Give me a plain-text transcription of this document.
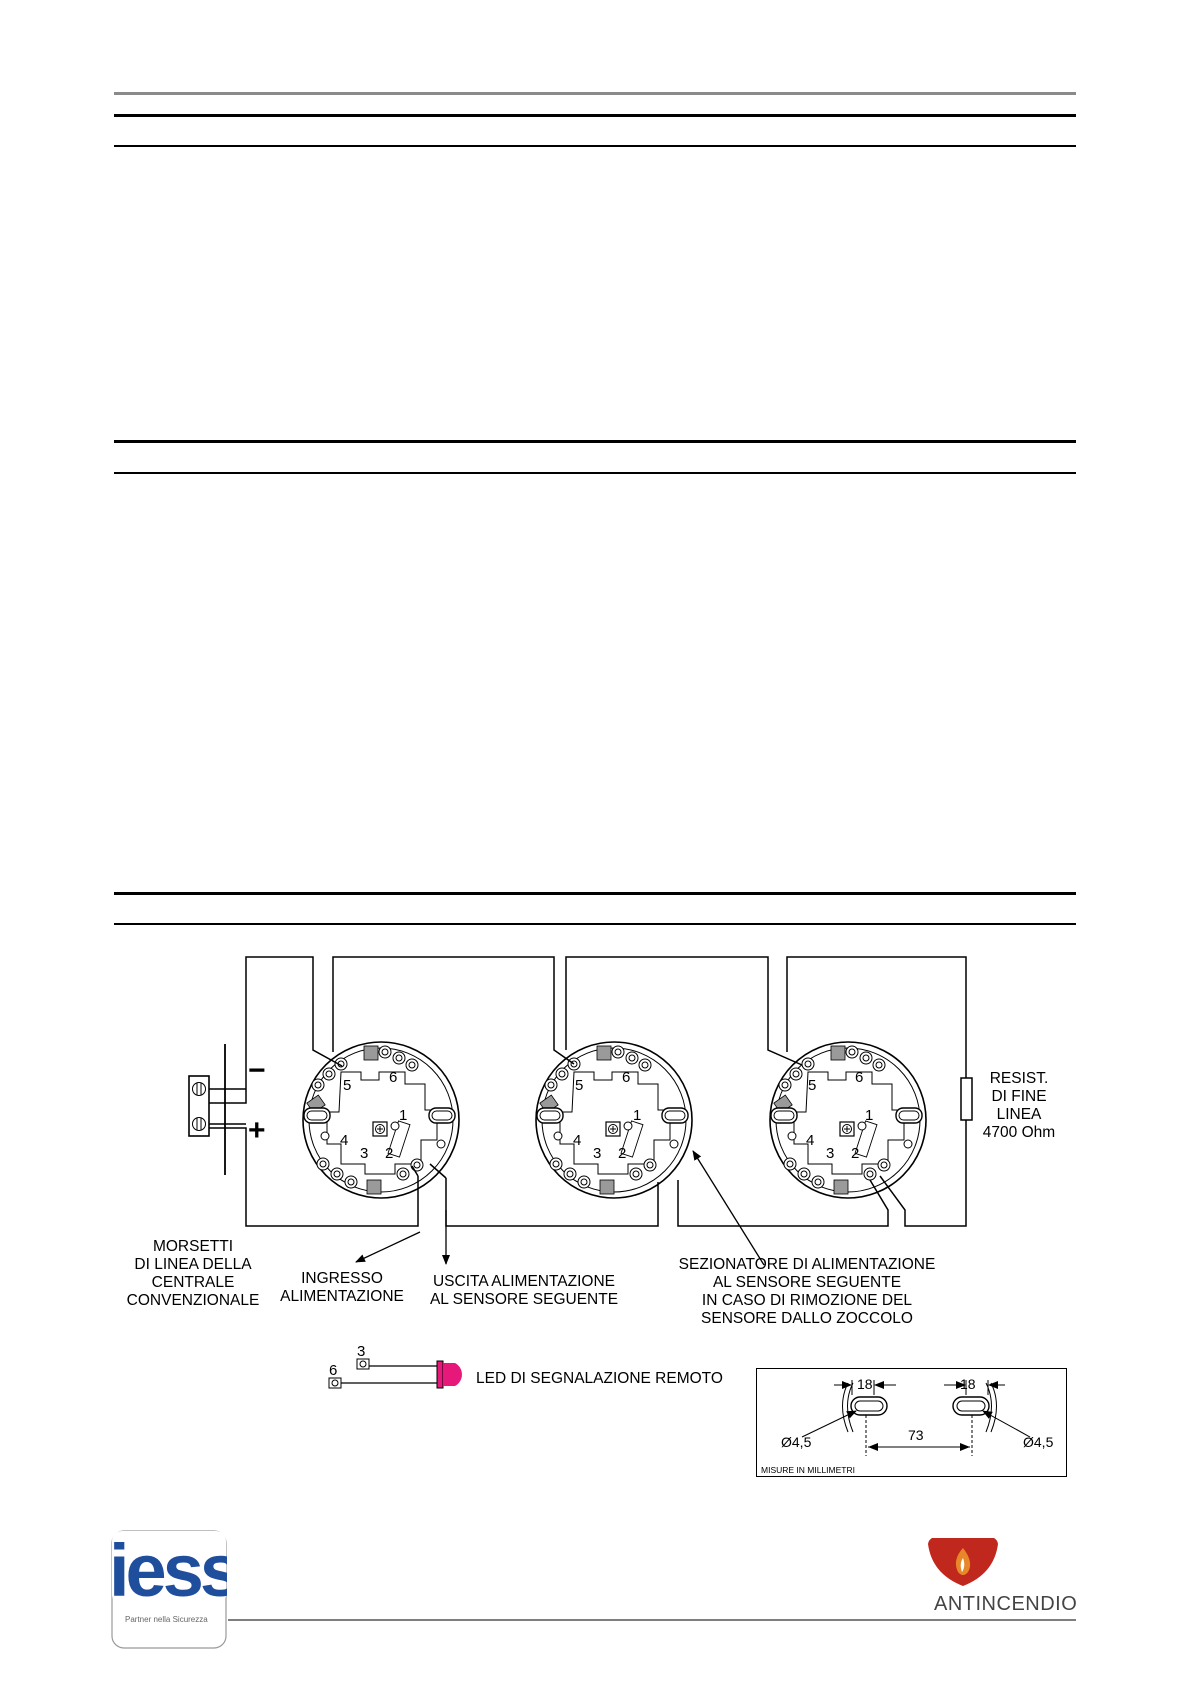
5	6
1
4
3 2
5	6
1
4
3 2
5	6
1
4
3 2
−
+
3
6	LED DI SEGNALAZIONE REMOTO	18	18
Ø4,5	Ø4,5
73
MISURE IN MILLIMETRI
MORSETTI
DI LINEA DELLA
CENTRALE
CONVENZIONALE
INGRESSO
ALIMENTAZIONE
USCITA ALIMENTAZIONE
AL SENSORE SEGUENTE
SEZIONATORE DI ALIMENTAZIONE
AL SENSORE SEGUENTE
IN CASO DI RIMOZIONE DEL
SENSORE DALLO ZOCCOLO
RESIST.
DI FINE
LINEA
4700 Ohm
iess
Partner nella Sicurezza
ANTINCENDIO
